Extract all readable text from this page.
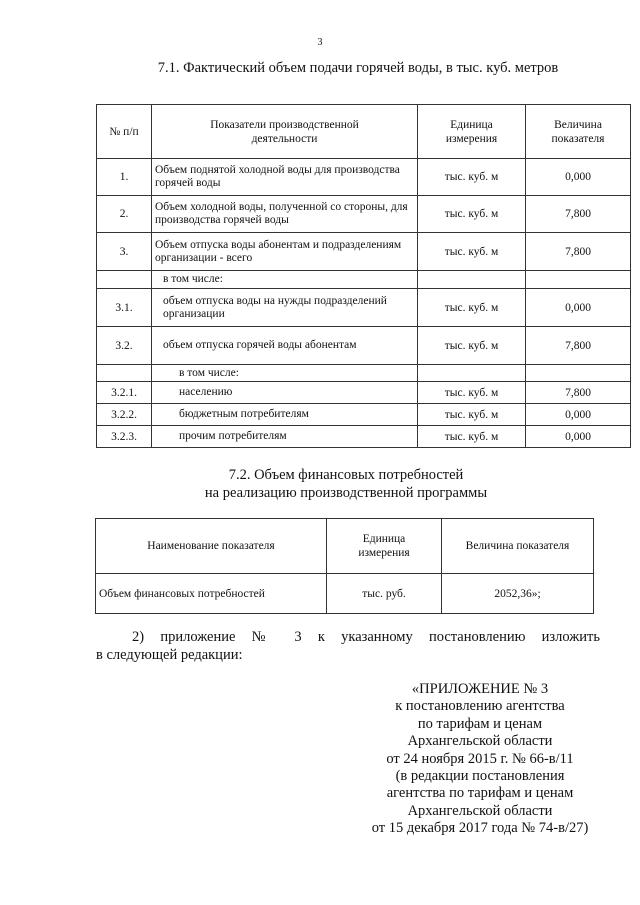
3
7.1. Фактический объем подачи горячей воды, в тыс. куб. метров
№ п/п	Показатели производственной деятельности	Единица измерения	Величина показателя
1.	Объем поднятой холодной воды для производства горячей воды	тыс. куб. м	0,000
2.	Объем холодной воды, полученной со стороны, для производства горячей воды	тыс. куб. м	7,800
3.	Объем отпуска воды абонентам и подразделениям организации - всего	тыс. куб. м	7,800
	в том числе:		
3.1.	объем отпуска воды на нужды подразделений организации	тыс. куб. м	0,000
3.2.	объем отпуска горячей воды абонентам	тыс. куб. м	7,800
	в том числе:		
3.2.1.	населению	тыс. куб. м	7,800
3.2.2.	бюджетным потребителям	тыс. куб. м	0,000
3.2.3.	прочим потребителям	тыс. куб. м	0,000
7.2. Объем финансовых потребностей
на реализацию производственной программы
Наименование показателя	Единица измерения	Величина показателя
Объем финансовых потребностей	тыс. руб.	2052,36»;
2) приложение № 3 к указанному постановлению изложить
в следующей редакции:
«ПРИЛОЖЕНИЕ № 3
к постановлению агентства
по тарифам и ценам
Архангельской области
от 24 ноября 2015 г. № 66-в/11
(в редакции постановления
агентства по тарифам и ценам
Архангельской области
от 15 декабря 2017 года № 74-в/27)
